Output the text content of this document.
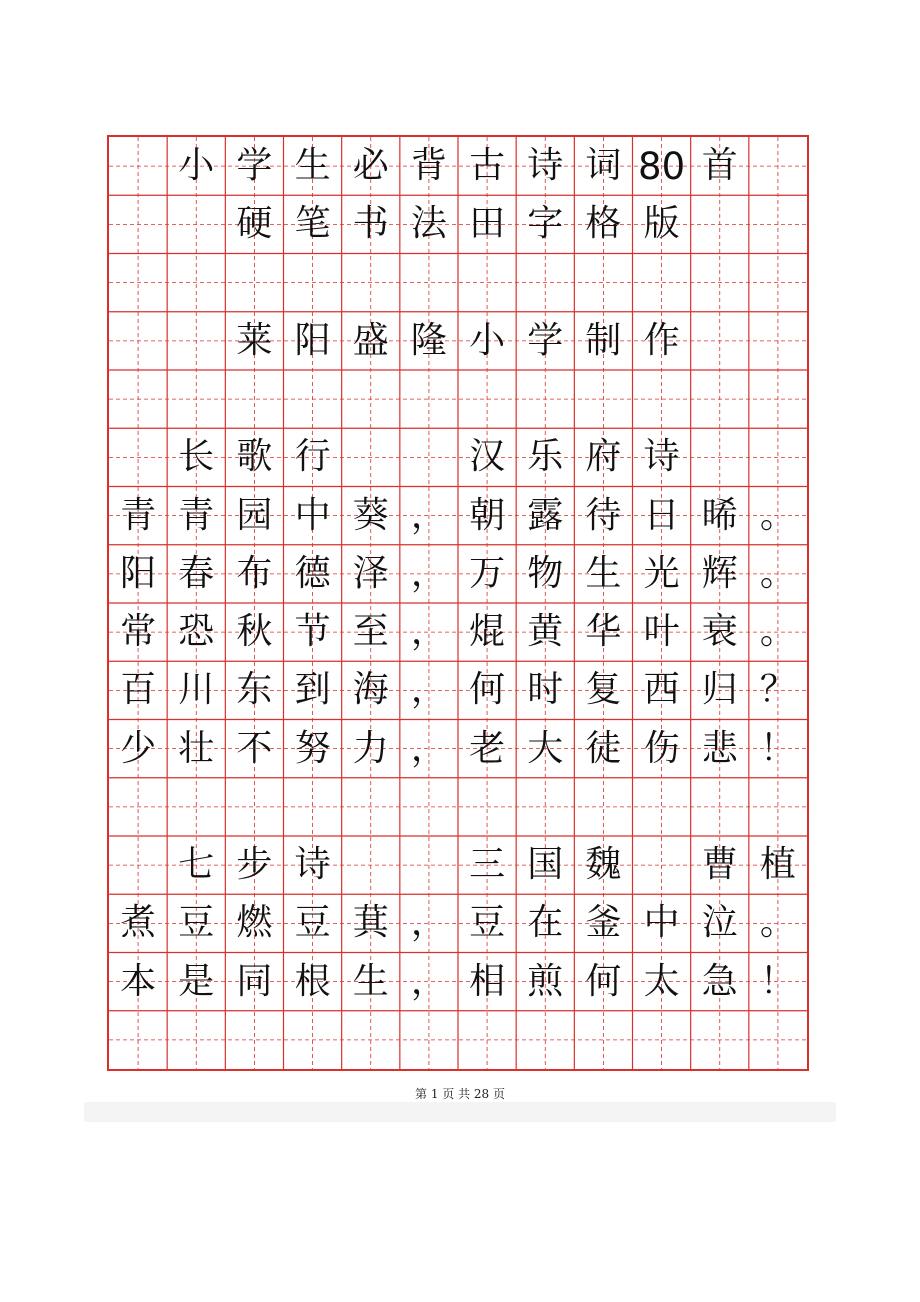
小 学 生 必 背 古 诗 词 80 首
硬 笔 书 法 田 字 格 版
莱 阳 盛 隆 小 学 制 作
长 歌 行	汉 乐 府 诗
青 青 园 中 葵 ， 朝 露 待 日 晞 。
阳 春 布 德 泽 ， 万 物 生 光 辉 。
常 恐 秋 节 至 ， 焜 黄 华 叶 衰 。
百 川 东 到 海 ， 何 时 复 西 归 ？
少 壮 不 努 力 ， 老 大 徒 伤 悲 ！
七 步 诗	三 国 魏	曹 植
煮 豆 燃 豆 萁 ， 豆 在 釜 中 泣 。
本 是 同 根 生 ， 相 煎 何 太 急 ！
第 1 页 共 28 页
